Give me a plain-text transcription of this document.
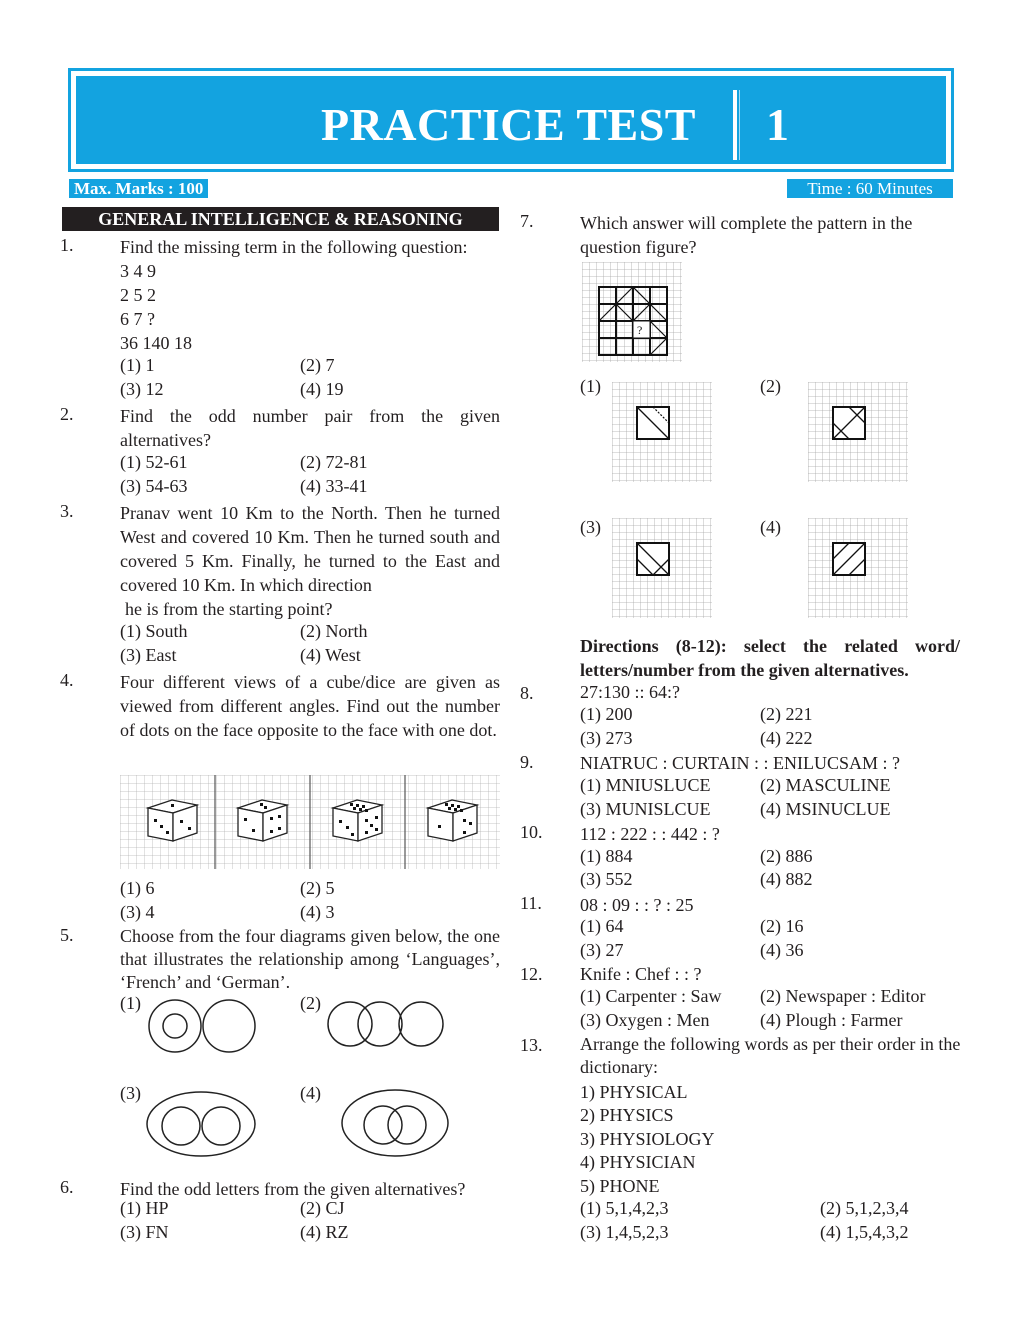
PRACTICE TEST 1
Max. Marks : 100	Time : 60 Minutes
GENERAL INTELLIGENCE & REASONING
1.	Find the missing term in the following question:
3 4 9
2 5 2
6 7 ?
36 140 18
(1) 1	(2) 7
(3) 12	(4) 19
2.	Find the odd number pair from the given alternatives?
(1) 52-61	(2) 72-81
(3) 54-63	(4) 33-41
3.	Pranav went 10 Km to the North. Then he turned West and covered 10 Km. Then he turned south and covered 5 Km. Finally, he turned to the East and covered 10 Km. In which direction
he is from the starting point?
(1) South	(2) North
(3) East	(4) West
4.	Four different views of a cube/dice are given as viewed from different angles. Find out the number of dots on the face opposite to the face with one dot.
(1) 6	(2) 5
(3) 4	(4) 3
5.	Choose from the four diagrams given below, the one that illustrates the relationship among ‘Languages’, ‘French’ and ‘German’.
(1)	(2)
(3)	(4)
6.	Find the odd letters from the given alternatives?
(1) HP	(2) CJ
(3) FN	(4) RZ
7.	Which answer will complete the pattern in the question figure?
?
(1)	(2)
(3)	(4)
Directions (8-12): select the related word/ letters/number from the given alternatives.
8.	27:130 :: 64:?
(1) 200	(2) 221
(3) 273	(4) 222
9.	NIATRUC : CURTAIN : : ENILUCSAM : ?
(1) MNIUSLUCE	(2) MASCULINE
(3) MUNISLCUE	(4) MSINUCLUE
10. 112 : 222 : : 442 : ?
(1) 884	(2) 886
(3) 552	(4) 882
11. 08 : 09 : : ? : 25
(1) 64	(2) 16
(3) 27	(4) 36
12. Knife : Chef : : ?
(1) Carpenter : Saw (2) Newspaper : Editor
(3) Oxygen : Men	(4) Plough : Farmer
13. Arrange the following words as per their order in the dictionary:
1) PHYSICAL
2) PHYSICS
3) PHYSIOLOGY
4) PHYSICIAN
5) PHONE
(1) 5,1,4,2,3	(2) 5,1,2,3,4
(3) 1,4,5,2,3	(4) 1,5,4,3,2
